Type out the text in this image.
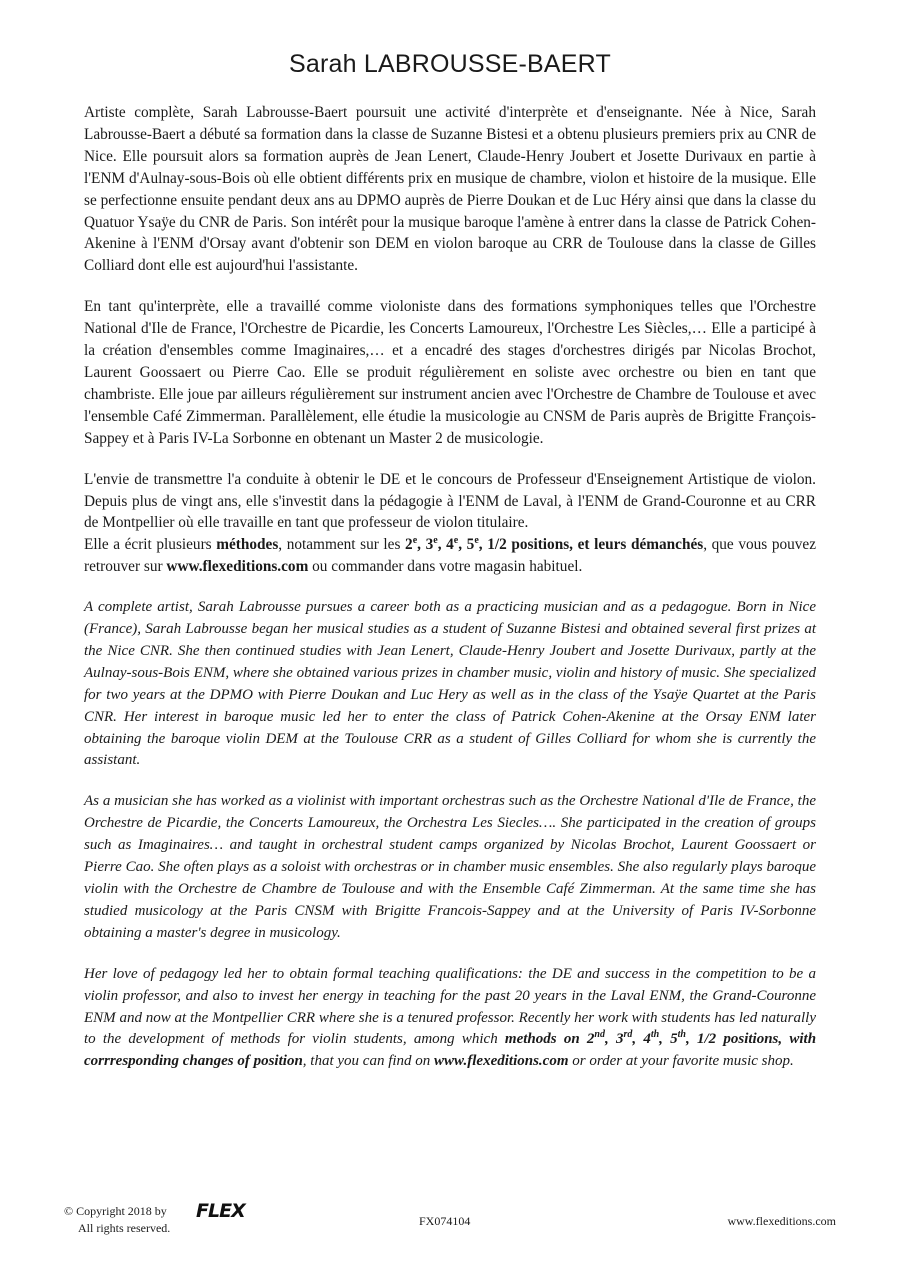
Sarah LABROUSSE-BAERT

Artiste complète, Sarah Labrousse-Baert poursuit une activité d'interprète et d'enseignante. Née à Nice, Sarah Labrousse-Baert a débuté sa formation dans la classe de Suzanne Bistesi et a obtenu plusieurs premiers prix au CNR de Nice. Elle poursuit alors sa formation auprès de Jean Lenert, Claude-Henry Joubert et Josette Durivaux en partie à l'ENM d'Aulnay-sous-Bois où elle obtient différents prix en musique de chambre, violon et histoire de la musique. Elle se perfectionne ensuite pendant deux ans au DPMO auprès de Pierre Doukan et de Luc Héry ainsi que dans la classe du Quatuor Ysaÿe du CNR de Paris. Son intérêt pour la musique baroque l'amène à entrer dans la classe de Patrick Cohen-Akenine à l'ENM d'Orsay avant d'obtenir son DEM en violon baroque au CRR de Toulouse dans la classe de Gilles Colliard dont elle est aujourd'hui l'assistante.

En tant qu'interprète, elle a travaillé comme violoniste dans des formations symphoniques telles que l'Orchestre National d'Ile de France, l'Orchestre de Picardie, les Concerts Lamoureux, l'Orchestre Les Siècles,… Elle a participé à la création d'ensembles comme Imaginaires,… et a encadré des stages d'orchestres dirigés par Nicolas Brochot, Laurent Goossaert ou Pierre Cao. Elle se produit régulièrement en soliste avec orchestre ou bien en tant que chambriste. Elle joue par ailleurs régulièrement sur instrument ancien avec l'Orchestre de Chambre de Toulouse et avec l'ensemble Café Zimmerman. Parallèlement, elle étudie la musicologie au CNSM de Paris auprès de Brigitte François-Sappey et à Paris IV-La Sorbonne en obtenant un Master 2 de musicologie.

L'envie de transmettre l'a conduite à obtenir le DE et le concours de Professeur d'Enseignement Artistique de violon. Depuis plus de vingt ans, elle s'investit dans la pédagogie à l'ENM de Laval, à l'ENM de Grand-Couronne et au CRR de Montpellier où elle travaille en tant que professeur de violon titulaire.
Elle a écrit plusieurs méthodes, notamment sur les 2e, 3e, 4e, 5e, 1/2 positions, et leurs démanchés, que vous pouvez retrouver sur www.flexeditions.com ou commander dans votre magasin habituel.

A complete artist, Sarah Labrousse pursues a career both as a practicing musician and as a pedagogue. Born in Nice (France), Sarah Labrousse began her musical studies as a student of Suzanne Bistesi and obtained several first prizes at the Nice CNR. She then continued studies with Jean Lenert, Claude-Henry Joubert and Josette Durivaux, partly at the Aulnay-sous-Bois ENM, where she obtained various prizes in chamber music, violin and history of music. She specialized for two years at the DPMO with Pierre Doukan and Luc Hery as well as in the class of the Ysaÿe Quartet at the Paris CNR. Her interest in baroque music led her to enter the class of Patrick Cohen-Akenine at the Orsay ENM later obtaining the baroque violin DEM at the Toulouse CRR as a student of Gilles Colliard for whom she is currently the assistant.

As a musician she has worked as a violinist with important orchestras such as the Orchestre National d'Ile de France, the Orchestre de Picardie, the Concerts Lamoureux, the Orchestra Les Siecles…. She participated in the creation of groups such as Imaginaires… and taught in orchestral student camps organized by Nicolas Brochot, Laurent Goossaert or Pierre Cao. She often plays as a soloist with orchestras or in chamber music ensembles. She also regularly plays baroque violin with the Orchestre de Chambre de Toulouse and with the Ensemble Café Zimmerman. At the same time she has studied musicology at the Paris CNSM with Brigitte Francois-Sappey and at the University of Paris IV-Sorbonne obtaining a master's degree in musicology.

Her love of pedagogy led her to obtain formal teaching qualifications: the DE and success in the competition to be a violin professor, and also to invest her energy in teaching for the past 20 years in the Laval ENM, the Grand-Couronne ENM and now at the Montpellier CRR where she is a tenured professor. Recently her work with students has led naturally to the development of methods for violin students, among which methods on 2nd, 3rd, 4th, 5th, 1/2 positions, with corrresponding changes of position, that you can find on www.flexeditions.com or order at your favorite music shop.

© Copyright 2018 by
All rights reserved.
FLEX	FX074104	www.flexeditions.com
